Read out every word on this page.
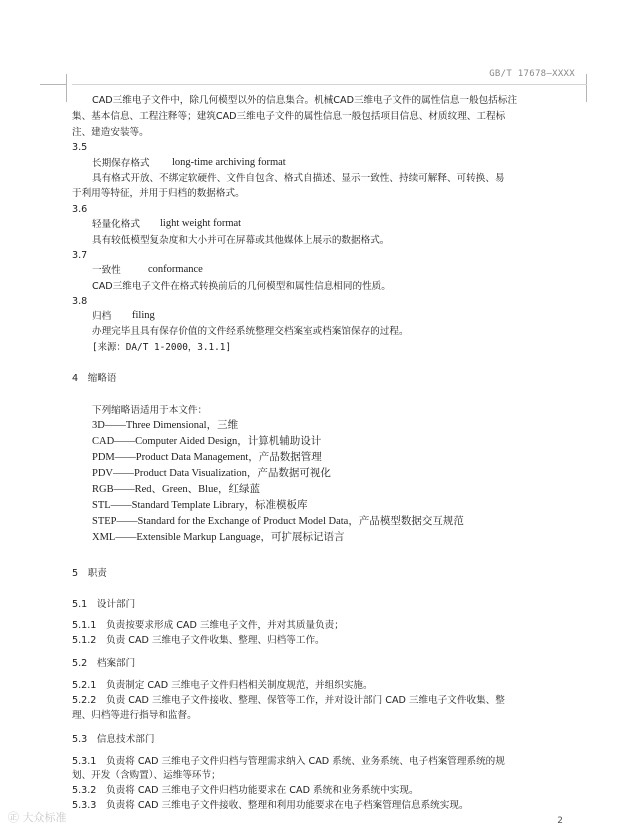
GB/T 17678—XXXX
CAD三维电子文件中，除几何模型以外的信息集合。机械CAD三维电子文件的属性信息一般包括标注
集、基本信息、工程注释等；建筑CAD三维电子文件的属性信息一般包括项目信息、材质纹理、工程标
注、建造安装等。
3.5
长期保存格式 long-time archiving format
具有格式开放、不绑定软硬件、文件自包含、格式自描述、显示一致性、持续可解释、可转换、易
于利用等特征，并用于归档的数据格式。
3.6
轻量化格式 light weight format
具有较低模型复杂度和大小并可在屏幕或其他媒体上展示的数据格式。
3.7
一致性	conformance
CAD三维电子文件在格式转换前后的几何模型和属性信息相同的性质。
3.8
归档 filing
办理完毕且具有保存价值的文件经系统整理交档案室或档案馆保存的过程。
[来源：DA/T 1-2000，3.1.1]
4　缩略语
下列缩略语适用于本文件：
3D——Three Dimensional，三维
CAD——Computer Aided Design，计算机辅助设计
PDM——Product Data Management，产品数据管理
PDV——Product Data Visualization，产品数据可视化
RGB——Red、Green、Blue，红绿蓝
STL——Standard Template Library，标准模板库
STEP——Standard for the Exchange of Product Model Data，产品模型数据交互规范
XML——Extensible Markup Language，可扩展标记语言
5　职责
5.1　设计部门
5.1.1　负责按要求形成 CAD 三维电子文件，并对其质量负责；
5.1.2　负责 CAD 三维电子文件收集、整理、归档等工作。
5.2　档案部门
5.2.1　负责制定 CAD 三维电子文件归档相关制度规范，并组织实施。
5.2.2　负责 CAD 三维电子文件接收、整理、保管等工作，并对设计部门 CAD 三维电子文件收集、整
理、归档等进行指导和监督。
5.3　信息技术部门
5.3.1　负责将 CAD 三维电子文件归档与管理需求纳入 CAD 系统、业务系统、电子档案管理系统的规
划、开发（含购置）、运维等环节；
5.3.2　负责将 CAD 三维电子文件归档功能要求在 CAD 系统和业务系统中实现。
5.3.3　负责将 CAD 三维电子文件接收、整理和利用功能要求在电子档案管理信息系统实现。
㊣ 大众标准	2
